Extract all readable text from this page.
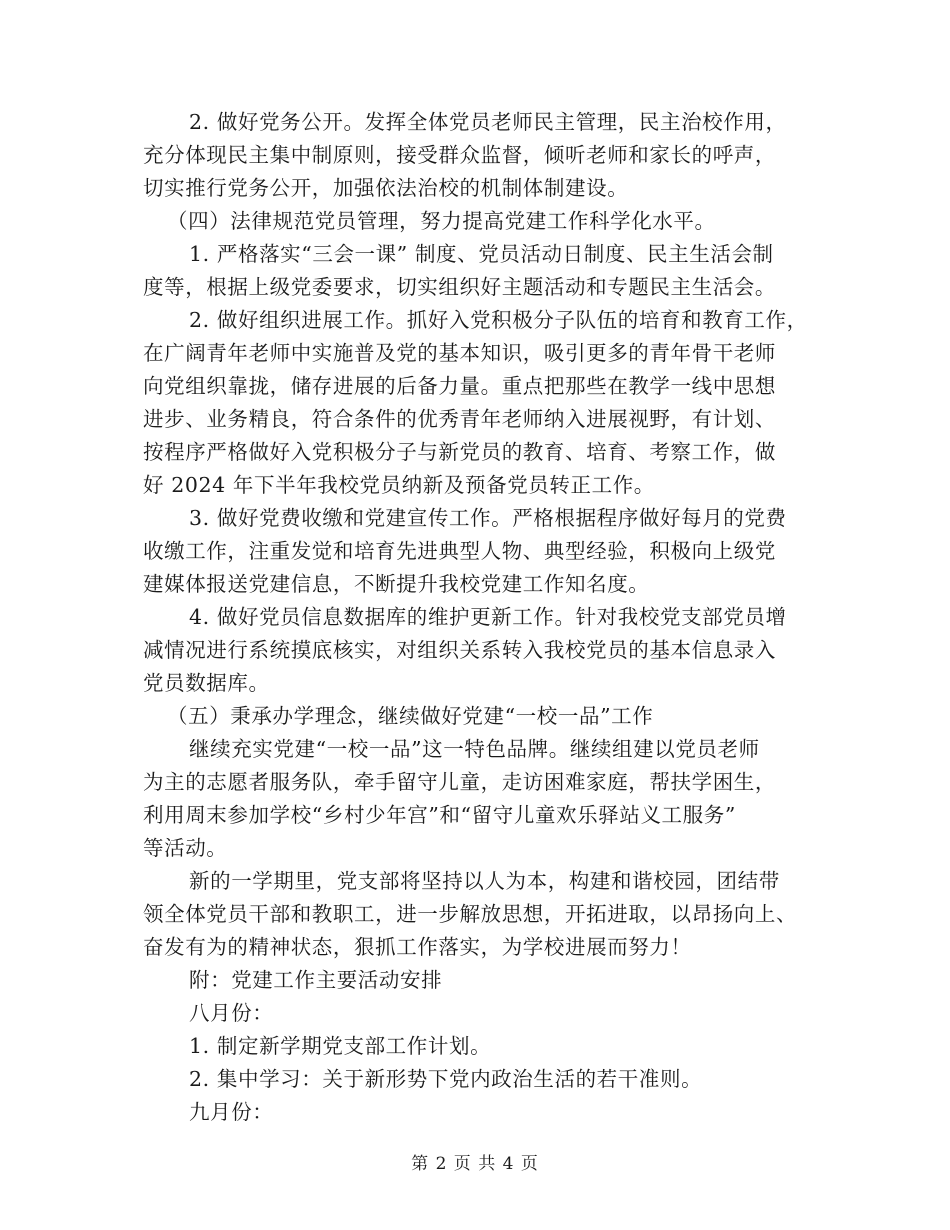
2. 做好党务公开。发挥全体党员老师民主管理，民主治校作用，
充分体现民主集中制原则，接受群众监督，倾听老师和家长的呼声，
切实推行党务公开，加强依法治校的机制体制建设。
（四）法律规范党员管理，努力提高党建工作科学化水平。
1. 严格落实“三会一课” 制度、党员活动日制度、民主生活会制
度等，根据上级党委要求，切实组织好主题活动和专题民主生活会。
2. 做好组织进展工作。抓好入党积极分子队伍的培育和教育工作，
在广阔青年老师中实施普及党的基本知识，吸引更多的青年骨干老师
向党组织靠拢，储存进展的后备力量。重点把那些在教学一线中思想
进步、业务精良，符合条件的优秀青年老师纳入进展视野，有计划、
按程序严格做好入党积极分子与新党员的教育、培育、考察工作，做
好 2024 年下半年我校党员纳新及预备党员转正工作。
3. 做好党费收缴和党建宣传工作。严格根据程序做好每月的党费
收缴工作，注重发觉和培育先进典型人物、典型经验，积极向上级党
建媒体报送党建信息，不断提升我校党建工作知名度。
4. 做好党员信息数据库的维护更新工作。针对我校党支部党员增
减情况进行系统摸底核实，对组织关系转入我校党员的基本信息录入
党员数据库。
（五）秉承办学理念，继续做好党建“一校一品”工作
继续充实党建“一校一品”这一特色品牌。继续组建以党员老师
为主的志愿者服务队，牵手留守儿童，走访困难家庭，帮扶学困生，
利用周末参加学校“乡村少年宫”和“留守儿童欢乐驿站义工服务”
等活动。
新的一学期里，党支部将坚持以人为本，构建和谐校园，团结带
领全体党员干部和教职工，进一步解放思想，开拓进取，以昂扬向上、
奋发有为的精神状态，狠抓工作落实，为学校进展而努力！
附：党建工作主要活动安排
八月份：
1. 制定新学期党支部工作计划。
2. 集中学习：关于新形势下党内政治生活的若干准则。
九月份：
第 2 页 共 4 页
